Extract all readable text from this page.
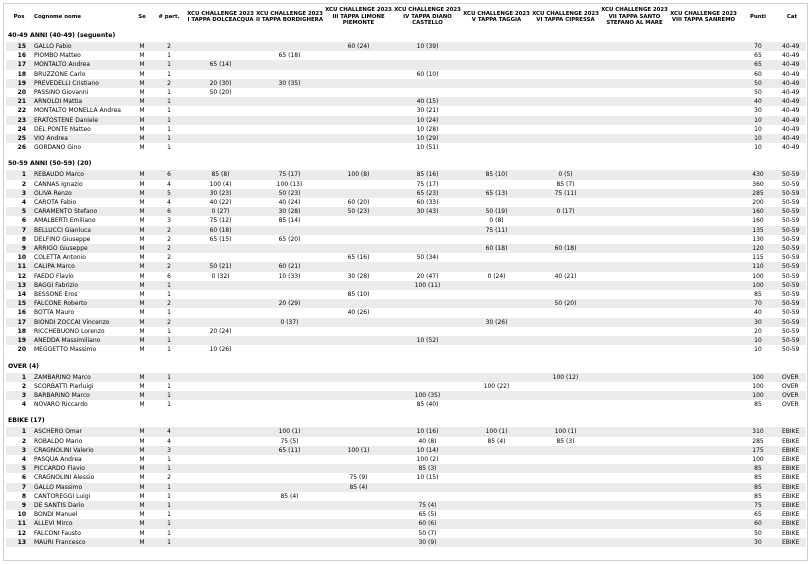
Pos	Cognome nome	Se	# part.	XCU CHALLENGE 2023 I TAPPA DOLCEACQUA	XCU CHALLENGE 2023 II TAPPA BORDIGHERA	XCU CHALLENGE 2023 III TAPPA LIMONE PIEMONTE	XCU CHALLENGE 2023 IV TAPPA DIANO CASTELLO	XCU CHALLENGE 2023 V TAPPA TAGGIA	XCU CHALLENGE 2023 VI TAPPA CIPRESSA	XCU CHALLENGE 2023 VII TAPPA SANTO STEFANO AL MARE	XCU CHALLENGE 2023 VIII TAPPA SANREMO	Punti	Cat
40-49 ANNI (40-49) (seguente)													
15	GALLO Fabio	M	2			60 (24)	10 (39)					70	40-49
16	PIOMBO Matteo	M	1		65 (18)							65	40-49
17	MONTALTO Andrea	M	1	65 (14)								65	40-49
18	BRUZZONE Carlo	M	1				60 (10)					60	40-49
19	PREVEDELLI Cristiano	M	2	20 (30)	30 (35)							50	40-49
20	PASSINO Giovanni	M	1	50 (20)								50	40-49
21	ARNOLDI Mattia	M	1				40 (15)					40	40-49
22	MONTALTO MONELLA Andrea	M	1				30 (21)					30	40-49
23	ERATOSTENE Daniele	M	1				10 (24)					10	40-49
24	DEL PONTE Matteo	M	1				10 (28)					10	40-49
25	VIO Andrea	M	1				10 (29)					10	40-49
26	GORDANO Gino	M	1				10 (51)					10	40-49

50-59 ANNI (50-59) (20)													
1	REBAUDO Marco	M	6	85 (8)	75 (17)	100 (8)	85 (16)	85 (10)	0 (5)			430	50-59
2	CANNAS Ignazio	M	4	100 (4)	100 (13)		75 (17)		85 (7)			360	50-59
3	OLIVA Renzo	M	5	30 (23)	50 (23)		65 (23)	65 (13)	75 (11)			285	50-59
4	CAROTA Fabio	M	4	40 (22)	40 (24)	60 (20)	60 (33)					200	50-59
5	CARAMENTO Stefano	M	6	0 (27)	30 (28)	50 (23)	30 (43)	50 (19)	0 (17)			160	50-59
6	AMALBERTI Emiliano	M	3	75 (12)	85 (14)			0 (8)				160	50-59
7	BELLUCCI Gianluca	M	2	60 (18)				75 (11)				135	50-59
8	DELFINO Giuseppe	M	2	65 (15)	65 (20)							130	50-59
9	ARRIGO Giuseppe	M	2					60 (18)	60 (18)			120	50-59
10	COLETTA Antonio	M	2			65 (16)	50 (34)					115	50-59
11	CALIPA Marco	M	2	50 (21)	60 (21)							110	50-59
12	FAEDO Flavio	M	6	0 (32)	10 (33)	30 (28)	20 (47)	0 (24)	40 (21)			100	50-59
13	BAGGI Fabrizio	M	1				100 (11)					100	50-59
14	BESSONE Eros	M	1			85 (10)						85	50-59
15	FALCONE Roberto	M	2		20 (29)				50 (20)			70	50-59
16	BOTTA Mauro	M	1			40 (26)						40	50-59
17	BIONDI ZOCCAI Vincenzo	M	2		0 (37)			30 (26)				30	50-59
18	RICCHEBUONO Lorenzo	M	1	20 (24)								20	50-59
19	ANEDDA Massimiliano	M	1				10 (52)					10	50-59
20	MEGGETTO Massimo	M	1	10 (26)								10	50-59

OVER (4)													
1	ZAMBARINO Marco	M	1						100 (12)			100	OVER
2	SCORBATTI Pierluigi	M	1					100 (22)				100	OVER
3	BARBARINO Marco	M	1				100 (35)					100	OVER
4	NOVARO Riccardo	M	1				85 (40)					85	OVER

EBIKE (17)													
1	ASCHERO Omar	M	4		100 (1)		10 (16)	100 (1)	100 (1)			310	EBIKE
2	ROBALDO Mario	M	4		75 (5)		40 (8)	85 (4)	85 (3)			285	EBIKE
3	CRAGNOLINI Valerio	M	3		65 (11)	100 (1)	10 (14)					175	EBIKE
4	PASQUA Andrea	M	1				100 (2)					100	EBIKE
5	PICCARDO Flavio	M	1				85 (3)					85	EBIKE
6	CRAGNOLINI Alessio	M	2			75 (9)	10 (15)					85	EBIKE
7	GALLO Massimo	M	1			85 (4)						85	EBIKE
8	CANTOREGGI Luigi	M	1		85 (4)							85	EBIKE
9	DE SANTIS Dario	M	1				75 (4)					75	EBIKE
10	BONDI Manuel	M	1				65 (5)					65	EBIKE
11	ALLEVI Mirco	M	1				60 (6)					60	EBIKE
12	FALCONI Fausto	M	1				50 (7)					50	EBIKE
13	MAURI Francesco	M	1				30 (9)					30	EBIKE
